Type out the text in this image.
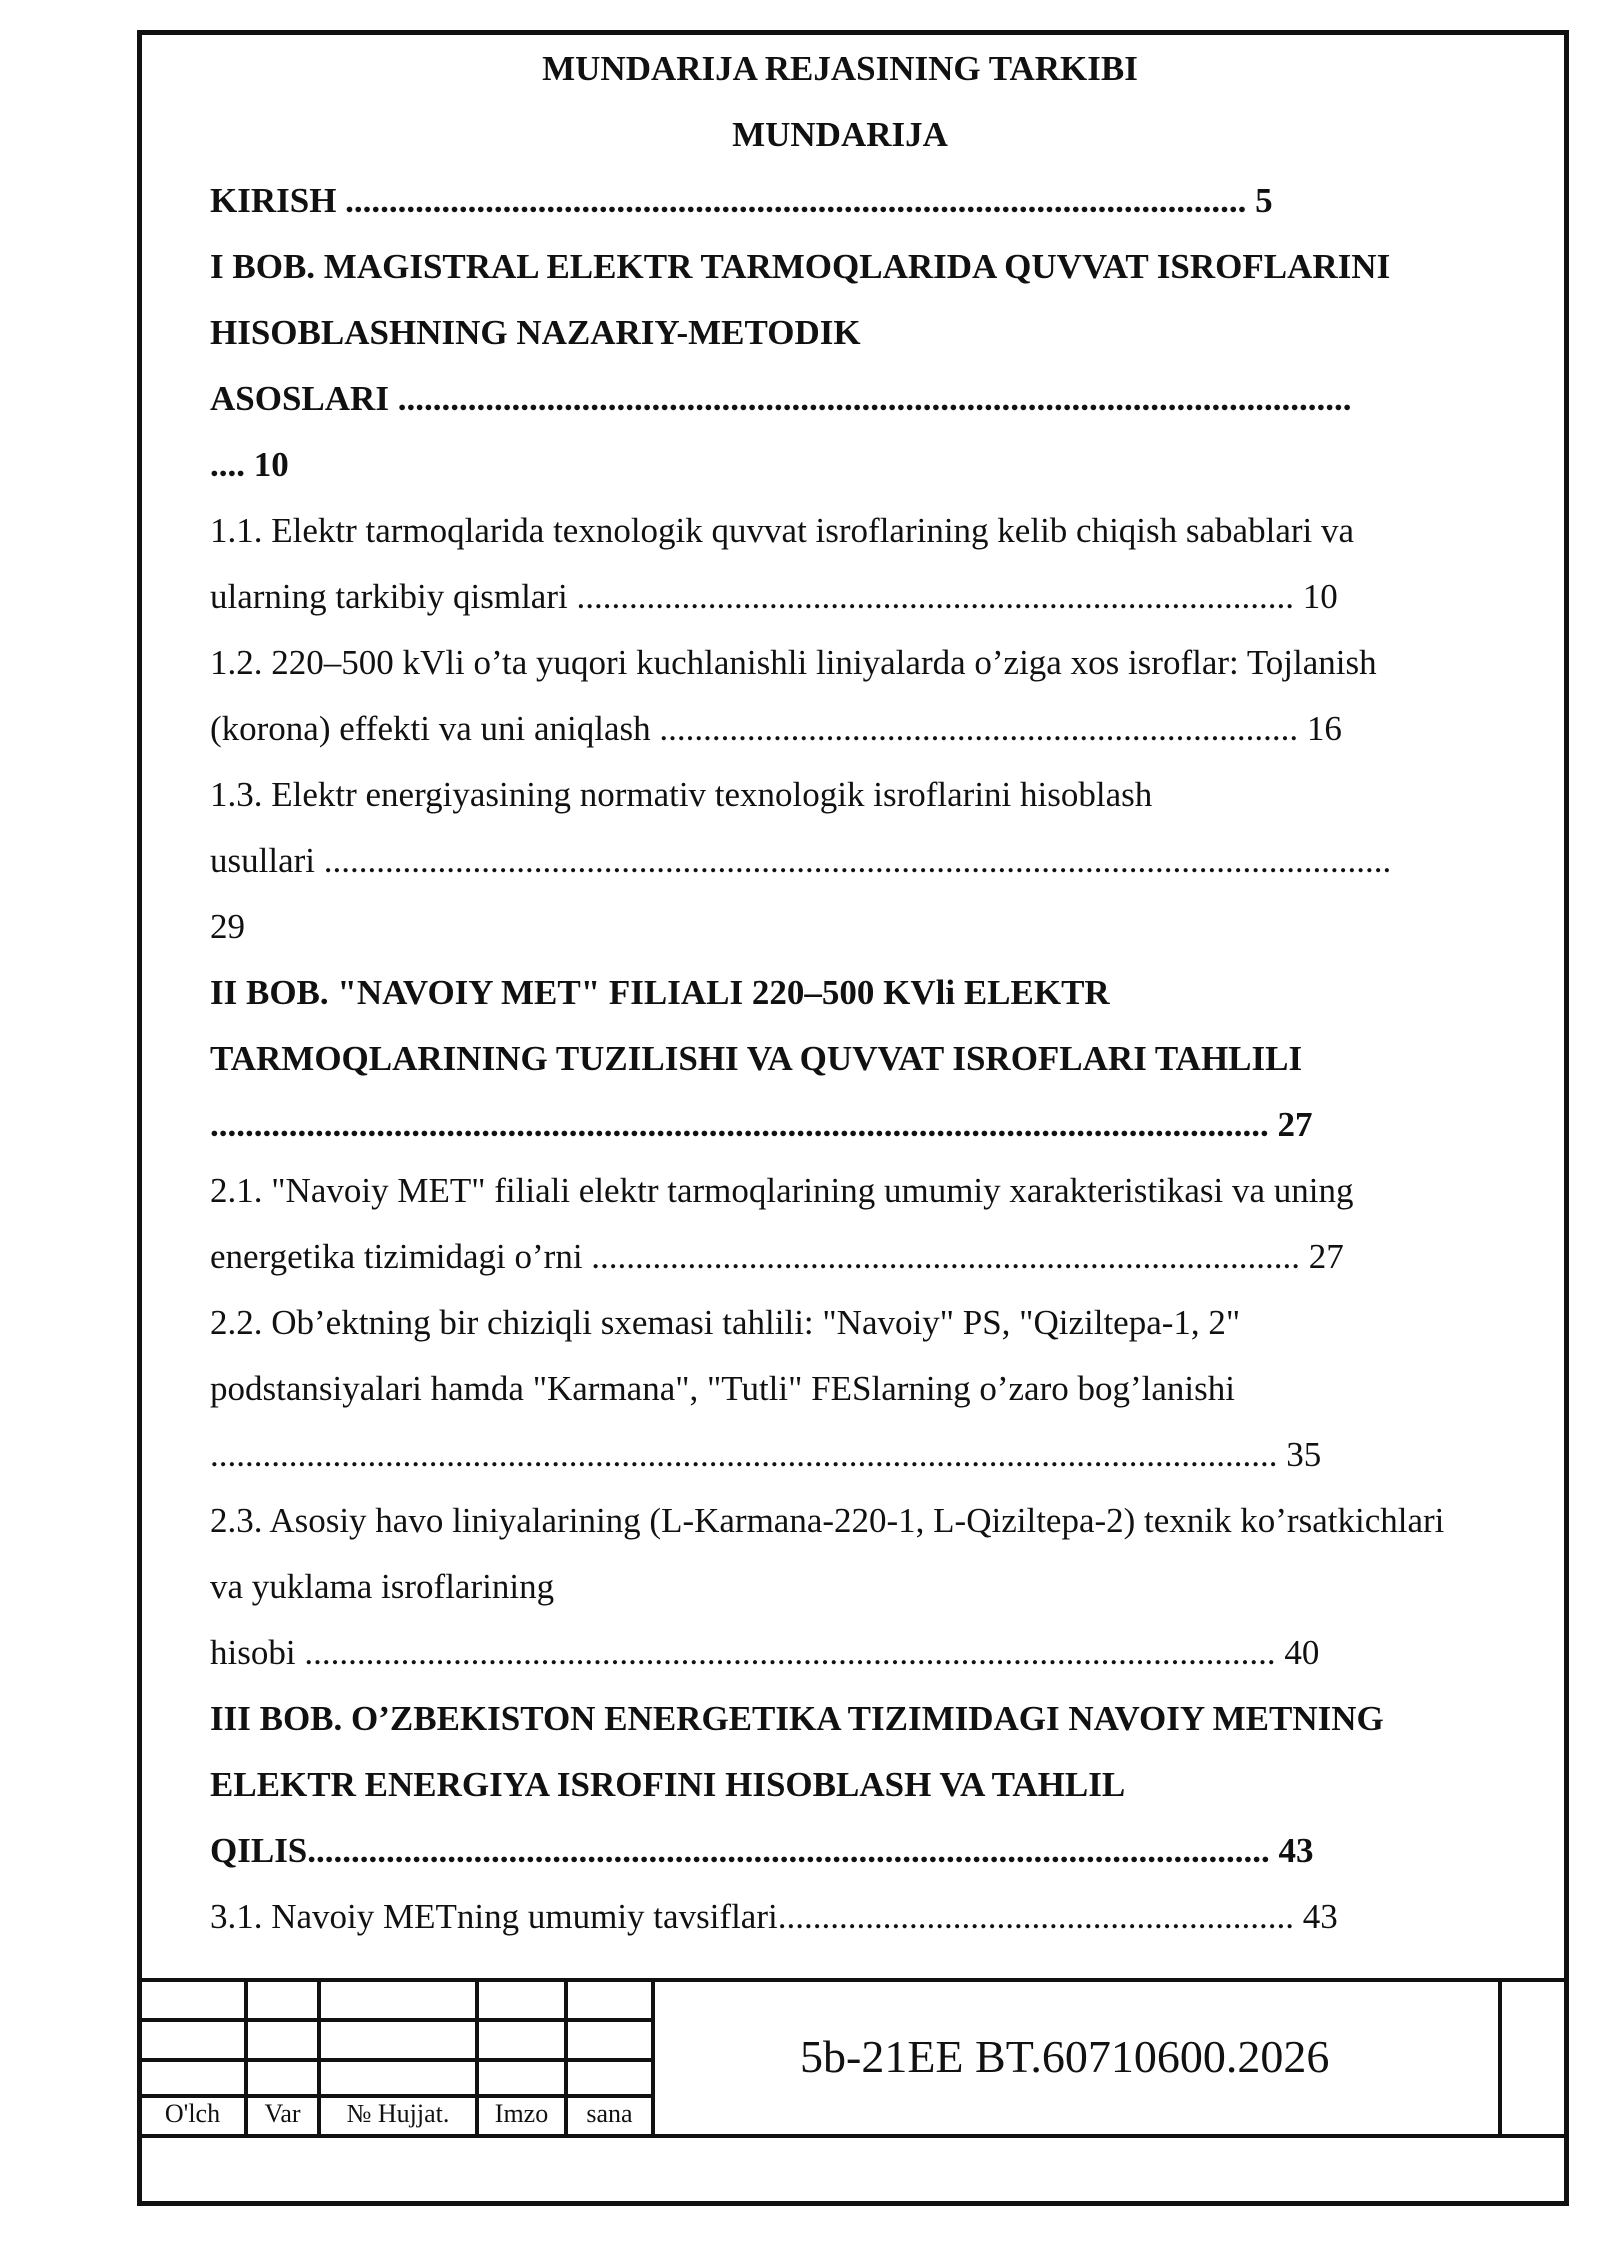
MUNDARIJA REJASINING TARKIBI
MUNDARIJA
KIRISH ....................................................................................................... 5
I BOB. MAGISTRAL ELEKTR TARMOQLARIDA QUVVAT ISROFLARINI
HISOBLASHNING NAZARIY-METODIK
ASOSLARI .............................................................................................................
.... 10
1.1. Elektr tarmoqlarida texnologik quvvat isroflarining kelib chiqish sabablari va
ularning tarkibiy qismlari .................................................................................. 10
1.2. 220–500 kVli o’ta yuqori kuchlanishli liniyalarda o’ziga xos isroflar: Tojlanish
(korona) effekti va uni aniqlash ......................................................................... 16
1.3. Elektr energiyasining normativ texnologik isroflarini hisoblash
usullari ..........................................................................................................................
29
II BOB. "NAVOIY MET" FILIALI 220–500 KVli ELEKTR
TARMOQLARINING TUZILISHI VA QUVVAT ISROFLARI TAHLILI
......................................................................................................................... 27
2.1. "Navoiy MET" filiali elektr tarmoqlarining umumiy xarakteristikasi va uning
energetika tizimidagi o’rni ................................................................................. 27
2.2. Ob’ektning bir chiziqli sxemasi tahlili: "Navoiy" PS, "Qiziltepa-1, 2"
podstansiyalari hamda "Karmana", "Tutli" FESlarning o’zaro bog’lanishi
.......................................................................................................................... 35
2.3. Asosiy havo liniyalarining (L-Karmana-220-1, L-Qiziltepa-2) texnik ko’rsatkichlari
va yuklama isroflarining
hisobi ............................................................................................................... 40
III BOB. O’ZBEKISTON ENERGETIKA TIZIMIDAGI NAVOIY METNING
ELEKTR ENERGIYA ISROFINI HISOBLASH VA TAHLIL
QILIS.............................................................................................................. 43
3.1. Navoiy METning umumiy tavsiflari........................................................... 43
O'lch	Var	№ Hujjat.	Imzo	sana
5b-21EE BT.60710600.2026
